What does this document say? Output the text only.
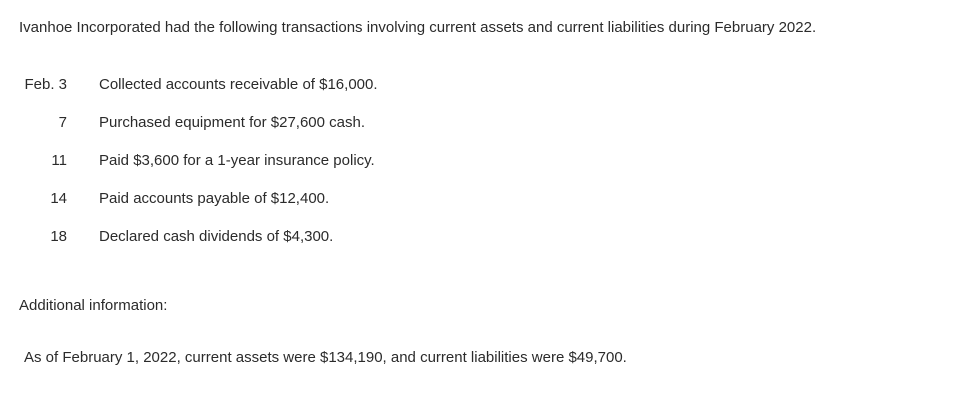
Ivanhoe Incorporated had the following transactions involving current assets and current liabilities during February 2022.
Feb. 3		Collected accounts receivable of $16,000.
7		Purchased equipment for $27,600 cash.
11		Paid $3,600 for a 1-year insurance policy.
14		Paid accounts payable of $12,400.
18		Declared cash dividends of $4,300.
Additional information:
As of February 1, 2022, current assets were $134,190, and current liabilities were $49,700.
